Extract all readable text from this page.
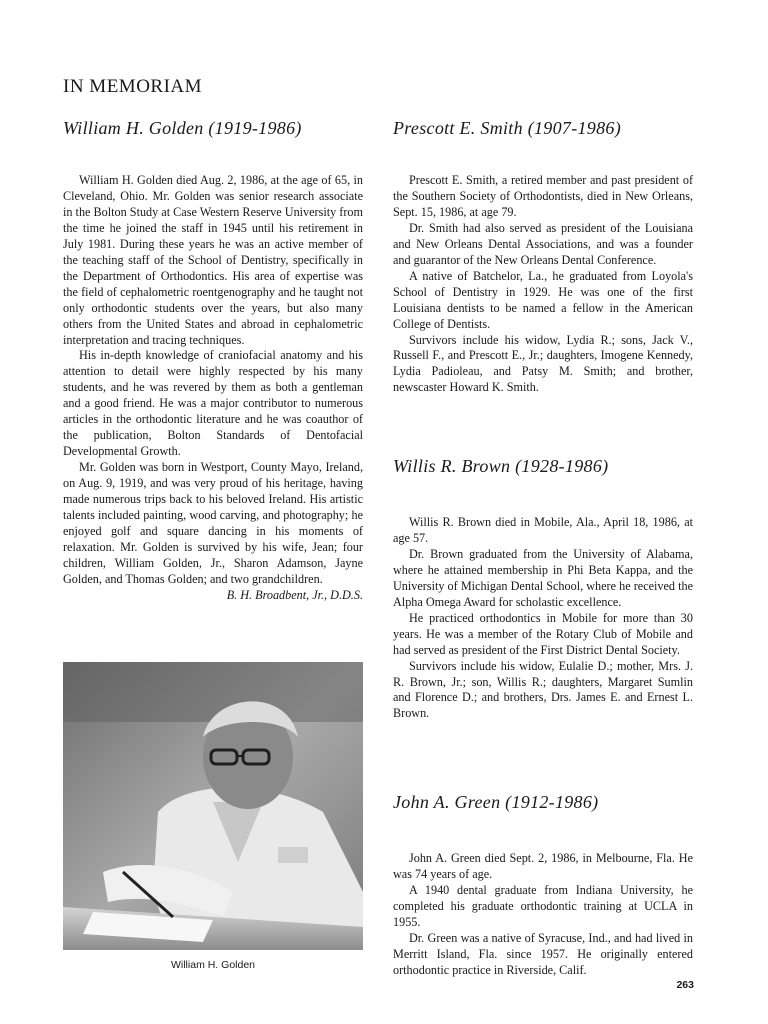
IN MEMORIAM
William H. Golden (1919-1986)

William H. Golden died Aug. 2, 1986, at the age of 65, in Cleveland, Ohio. Mr. Golden was senior research associate in the Bolton Study at Case Western Reserve University from the time he joined the staff in 1945 until his retirement in July 1981. During these years he was an active member of the teaching staff of the School of Dentistry, specifically in the Department of Orthodontics. His area of expertise was the field of cephalometric roentgenography and he taught not only orthodontic students over the years, but also many others from the United States and abroad in cephalometric interpretation and tracing techniques.

His in-depth knowledge of craniofacial anatomy and his attention to detail were highly respected by his many students, and he was revered by them as both a gentleman and a good friend. He was a major contributor to numerous articles in the orthodontic literature and he was coauthor of the publication, Bolton Standards of Dentofacial Developmental Growth.

Mr. Golden was born in Westport, County Mayo, Ireland, on Aug. 9, 1919, and was very proud of his heritage, having made numerous trips back to his beloved Ireland. His artistic talents included painting, wood carving, and photography; he enjoyed golf and square dancing in his moments of relaxation. Mr. Golden is survived by his wife, Jean; four children, William Golden, Jr., Sharon Adamson, Jayne Golden, and Thomas Golden; and two grandchildren.

B. H. Broadbent, Jr., D.D.S.
William H. Golden
Prescott E. Smith (1907-1986)

Prescott E. Smith, a retired member and past president of the Southern Society of Orthodontists, died in New Orleans, Sept. 15, 1986, at age 79.

Dr. Smith had also served as president of the Louisiana and New Orleans Dental Associations, and was a founder and guarantor of the New Orleans Dental Conference.

A native of Batchelor, La., he graduated from Loyola's School of Dentistry in 1929. He was one of the first Louisiana dentists to be named a fellow in the American College of Dentists.

Survivors include his widow, Lydia R.; sons, Jack V., Russell F., and Prescott E., Jr.; daughters, Imogene Kennedy, Lydia Padioleau, and Patsy M. Smith; and brother, newscaster Howard K. Smith.

Willis R. Brown (1928-1986)

Willis R. Brown died in Mobile, Ala., April 18, 1986, at age 57.

Dr. Brown graduated from the University of Alabama, where he attained membership in Phi Beta Kappa, and the University of Michigan Dental School, where he received the Alpha Omega Award for scholastic excellence.

He practiced orthodontics in Mobile for more than 30 years. He was a member of the Rotary Club of Mobile and had served as president of the First District Dental Society.

Survivors include his widow, Eulalie D.; mother, Mrs. J. R. Brown, Jr.; son, Willis R.; daughters, Margaret Sumlin and Florence D.; and brothers, Drs. James E. and Ernest L. Brown.

John A. Green (1912-1986)

John A. Green died Sept. 2, 1986, in Melbourne, Fla. He was 74 years of age.

A 1940 dental graduate from Indiana University, he completed his graduate orthodontic training at UCLA in 1955.

Dr. Green was a native of Syracuse, Ind., and had lived in Merritt Island, Fla. since 1957. He originally entered orthodontic practice in Riverside, Calif.

263
